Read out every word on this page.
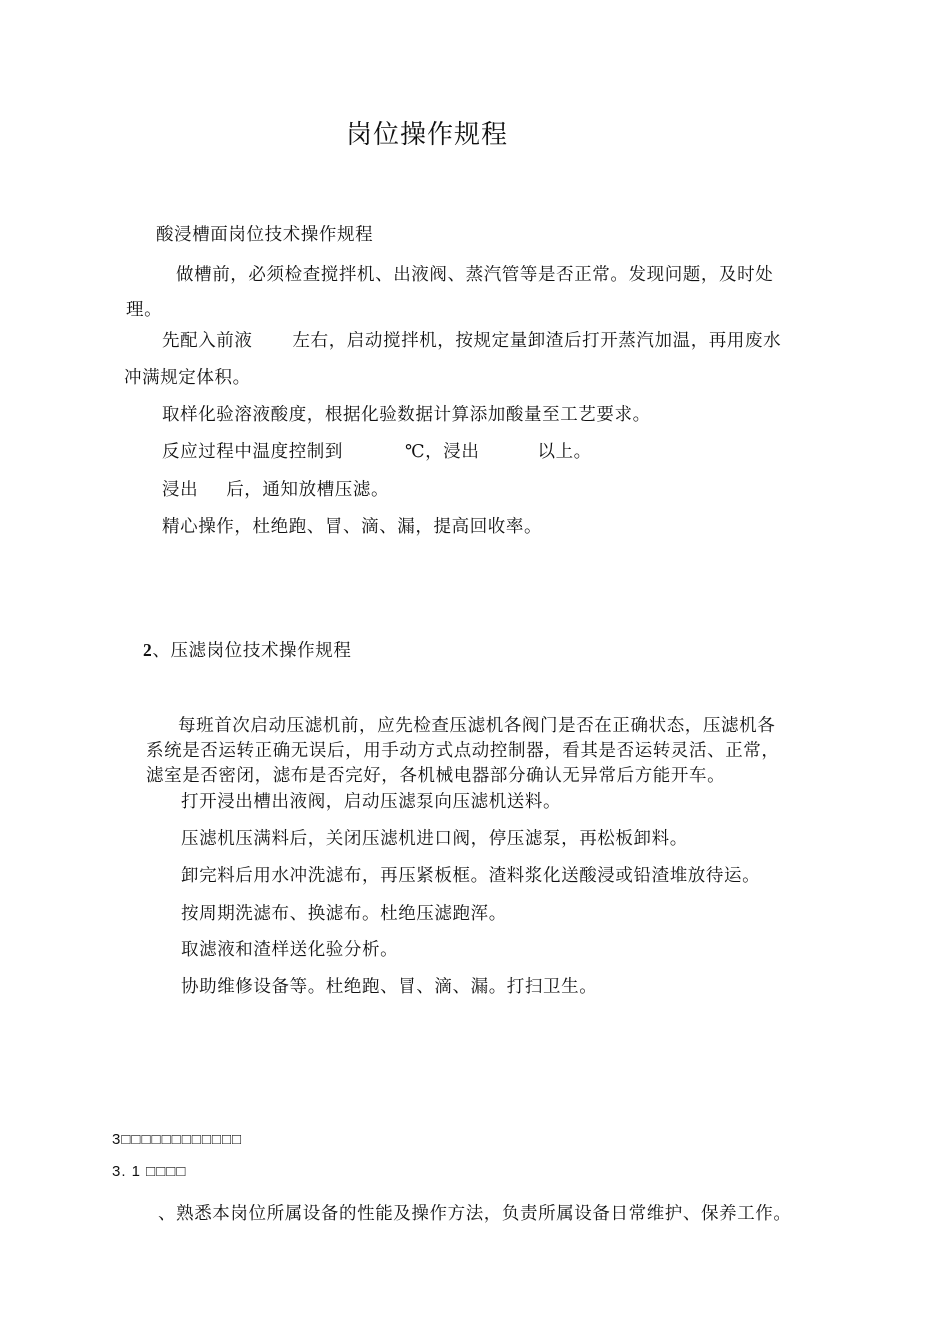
岗位操作规程
酸浸槽面岗位技术操作规程
做槽前，必须检查搅拌机、出液阀、蒸汽管等是否正常。发现问题，及时处
理。
先配入前液 左右，启动搅拌机，按规定量卸渣后打开蒸汽加温，再用废水
冲满规定体积。
取样化验溶液酸度，根据化验数据计算添加酸量至工艺要求。
反应过程中温度控制到	℃，浸出	以上。
浸出 后，通知放槽压滤。
精心操作，杜绝跑、冒、滴、漏，提高回收率。
2、压滤岗位技术操作规程
每班首次启动压滤机前，应先检查压滤机各阀门是否在正确状态，压滤机各
系统是否运转正确无误后，用手动方式点动控制器，看其是否运转灵活、正常，
滤室是否密闭，滤布是否完好，各机械电器部分确认无异常后方能开车。
打开浸出槽出液阀，启动压滤泵向压滤机送料。
压滤机压满料后，关闭压滤机进口阀，停压滤泵，再松板卸料。
卸完料后用水冲洗滤布，再压紧板框。渣料浆化送酸浸或铅渣堆放待运。
按周期洗滤布、换滤布。杜绝压滤跑浑。
取滤液和渣样送化验分析。
协助维修设备等。杜绝跑、冒、滴、漏。打扫卫生。
3□□□□□□□□□□□□
3. 1 □□□□
、熟悉本岗位所属设备的性能及操作方法，负责所属设备日常维护、保养工作。
